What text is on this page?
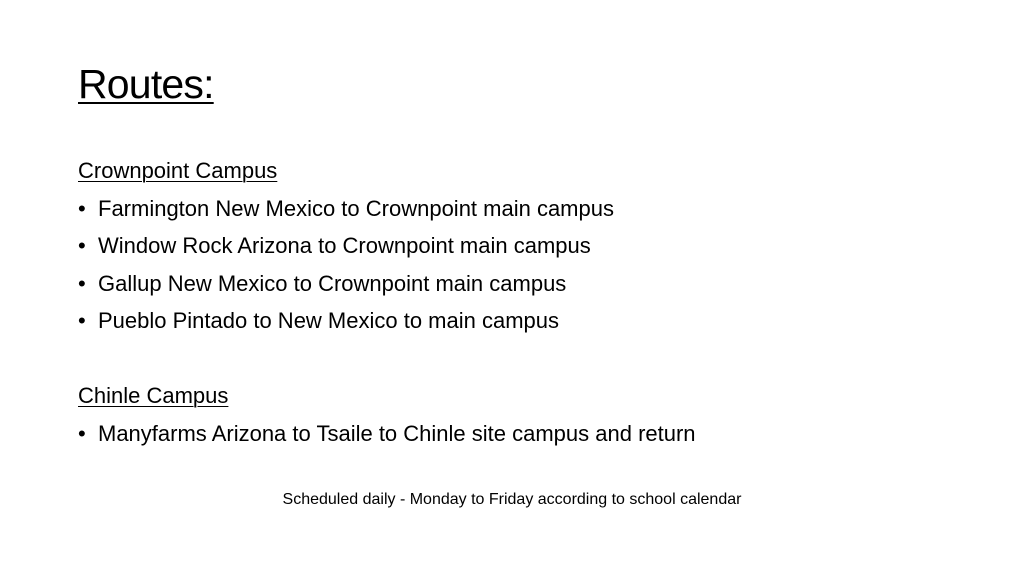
Routes:
Crownpoint Campus
• Farmington New Mexico to Crownpoint main campus
• Window Rock Arizona to Crownpoint main campus
• Gallup New Mexico to Crownpoint main campus
• Pueblo Pintado to New Mexico to main campus
Chinle Campus
• Manyfarms Arizona to Tsaile to Chinle site campus and return
Scheduled daily - Monday to Friday according to school calendar
